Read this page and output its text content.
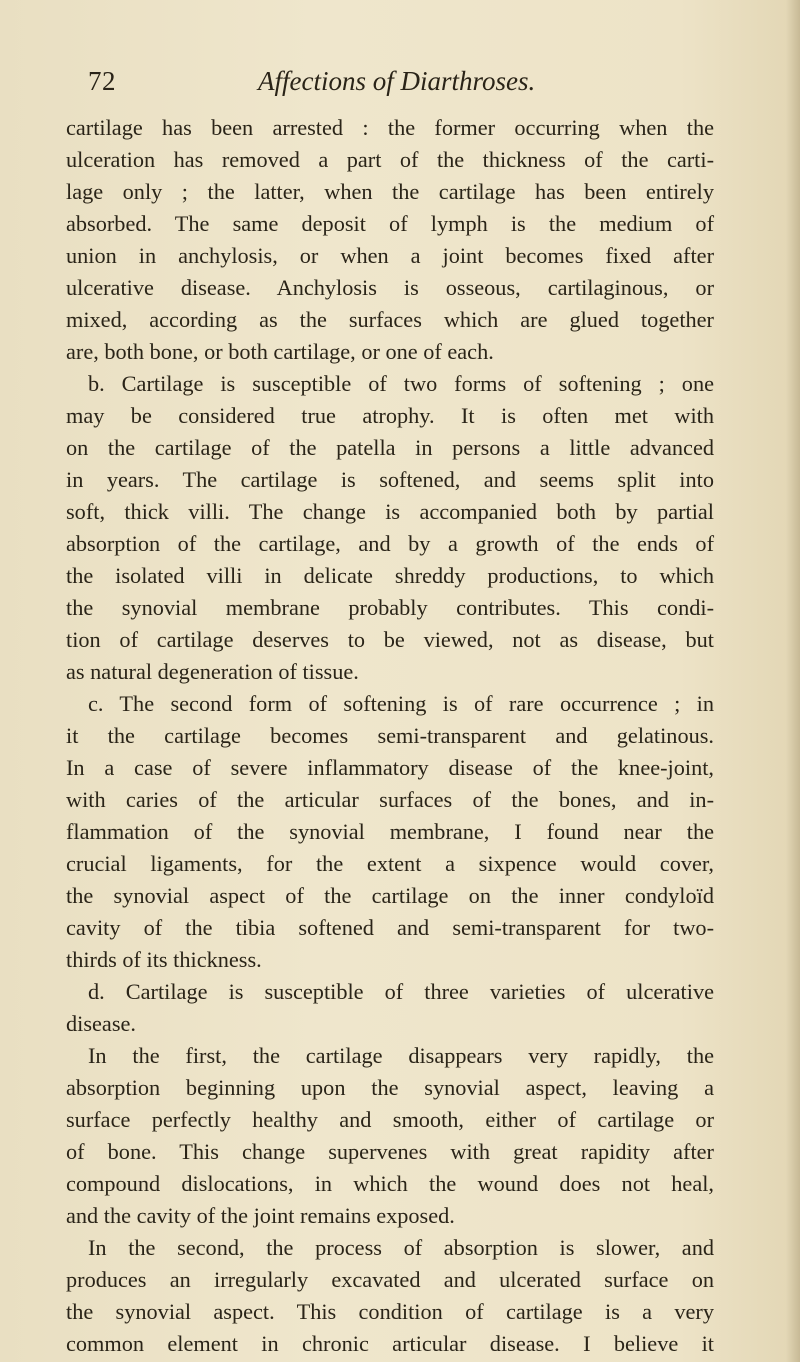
72	Affections of Diarthroses.
cartilage has been arrested : the former occurring when the
ulceration has removed a part of the thickness of the carti-
lage only ; the latter, when the cartilage has been entirely
absorbed. The same deposit of lymph is the medium of
union in anchylosis, or when a joint becomes fixed after
ulcerative disease. Anchylosis is osseous, cartilaginous, or
mixed, according as the surfaces which are glued together
are, both bone, or both cartilage, or one of each.
b. Cartilage is susceptible of two forms of softening ; one
may be considered true atrophy. It is often met with
on the cartilage of the patella in persons a little advanced
in years. The cartilage is softened, and seems split into
soft, thick villi. The change is accompanied both by partial
absorption of the cartilage, and by a growth of the ends of
the isolated villi in delicate shreddy productions, to which
the synovial membrane probably contributes. This condi-
tion of cartilage deserves to be viewed, not as disease, but
as natural degeneration of tissue.
c. The second form of softening is of rare occurrence ; in
it the cartilage becomes semi-transparent and gelatinous.
In a case of severe inflammatory disease of the knee-joint,
with caries of the articular surfaces of the bones, and in-
flammation of the synovial membrane, I found near the
crucial ligaments, for the extent a sixpence would cover,
the synovial aspect of the cartilage on the inner condyloïd
cavity of the tibia softened and semi-transparent for two-
thirds of its thickness.
d. Cartilage is susceptible of three varieties of ulcerative
disease.
In the first, the cartilage disappears very rapidly, the
absorption beginning upon the synovial aspect, leaving a
surface perfectly healthy and smooth, either of cartilage or
of bone. This change supervenes with great rapidity after
compound dislocations, in which the wound does not heal,
and the cavity of the joint remains exposed.
In the second, the process of absorption is slower, and
produces an irregularly excavated and ulcerated surface on
the synovial aspect. This condition of cartilage is a very
common element in chronic articular disease. I believe it
